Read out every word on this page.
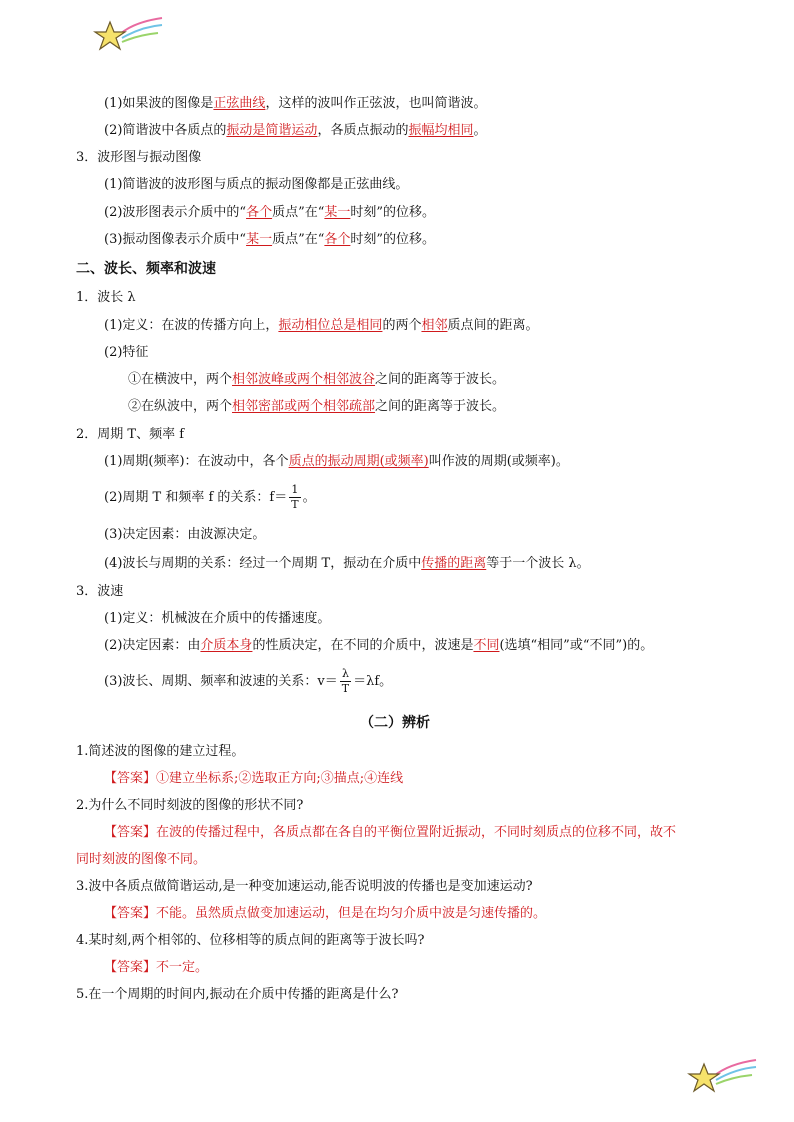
(1)如果波的图像是正弦曲线，这样的波叫作正弦波，也叫简谐波。
(2)简谐波中各质点的振动是简谐运动，各质点振动的振幅均相同。
3．波形图与振动图像
(1)简谐波的波形图与质点的振动图像都是正弦曲线。
(2)波形图表示介质中的“各个质点”在“某一时刻”的位移。
(3)振动图像表示介质中“某一质点”在“各个时刻”的位移。
二、波长、频率和波速
1．波长 λ
(1)定义：在波的传播方向上，振动相位总是相同的两个相邻质点间的距离。
(2)特征
①在横波中，两个相邻波峰或两个相邻波谷之间的距离等于波长。
②在纵波中，两个相邻密部或两个相邻疏部之间的距离等于波长。
2．周期 T、频率 f
(1)周期(频率)：在波动中，各个质点的振动周期(或频率)叫作波的周期(或频率)。
(2)周期 T 和频率 f 的关系：$f= \frac{1}{T}$ 。
(3)决定因素：由波源决定。
(4)波长与周期的关系：经过一个周期 T，振动在介质中传播的距离等于一个波长 λ。
3．波速
(1)定义：机械波在介质中的传播速度。
(2)决定因素：由介质本身的性质决定，在不同的介质中，波速是不同(选填“相同”或“不同”)的。
(3)波长、周期、频率和波速的关系：$v= \frac{\lambda}{T} =\lambda f$。
（二）辨析
1.简述波的图像的建立过程。
【答案】①建立坐标系;②选取正方向;③描点;④连线
2.为什么不同时刻波的图像的形状不同?
【答案】在波的传播过程中，各质点都在各自的平衡位置附近振动，不同时刻质点的位移不同，故不
同时刻波的图像不同。
3.波中各质点做简谐运动,是一种变加速运动,能否说明波的传播也是变加速运动?
【答案】不能。虽然质点做变加速运动，但是在均匀介质中波是匀速传播的。
4.某时刻,两个相邻的、位移相等的质点间的距离等于波长吗?
【答案】不一定。
5.在一个周期的时间内,振动在介质中传播的距离是什么?
